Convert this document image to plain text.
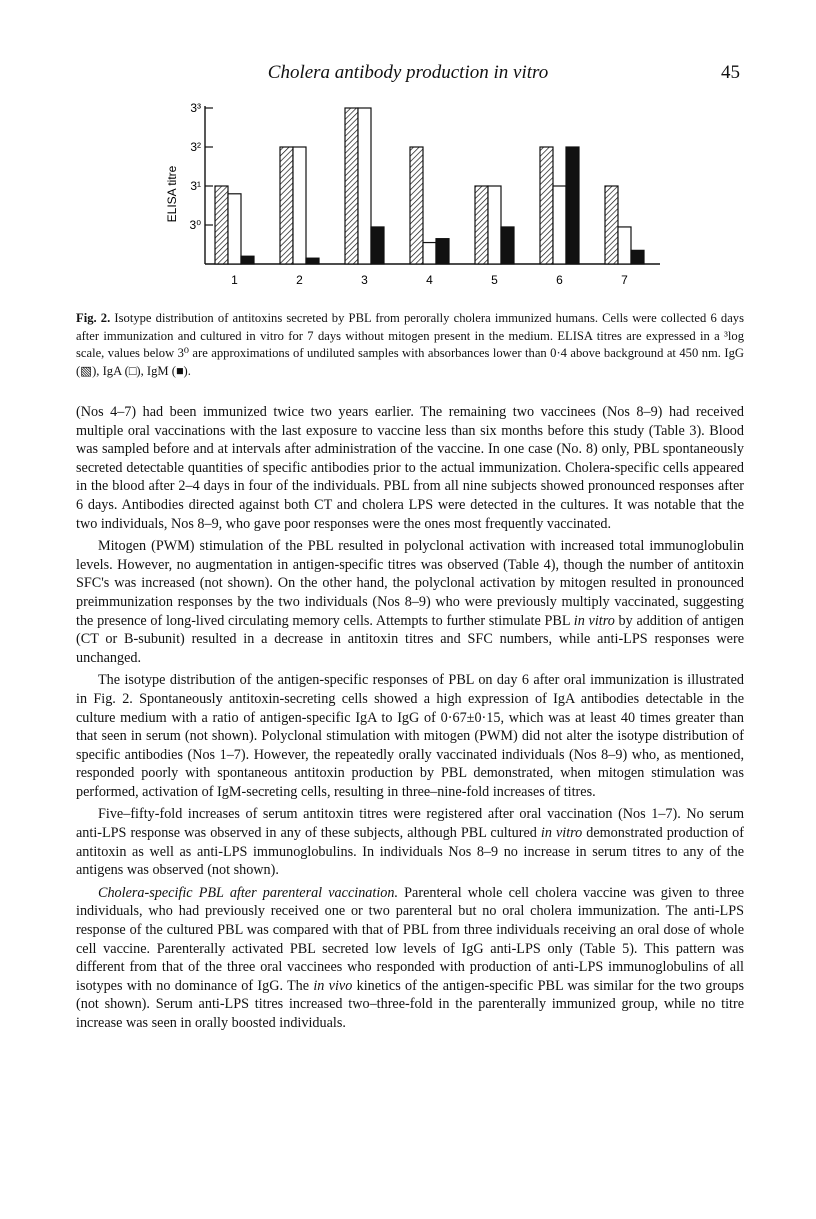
Cholera antibody production in vitro	45
3⁰
3¹
3²
3³
1	2	3	4	5	6	7
ELISA titre
Fig. 2. Isotype distribution of antitoxins secreted by PBL from perorally cholera immunized humans. Cells were collected 6 days after immunization and cultured in vitro for 7 days without mitogen present in the medium. ELISA titres are expressed in a ³log scale, values below 3⁰ are approximations of undiluted samples with absorbances lower than 0·4 above background at 450 nm. IgG (▧), IgA (□), IgM (■).

(Nos 4–7) had been immunized twice two years earlier. The remaining two vaccinees (Nos 8–9) had received multiple oral vaccinations with the last exposure to vaccine less than six months before this study (Table 3). Blood was sampled before and at intervals after administration of the vaccine. In one case (No. 8) only, PBL spontaneously secreted detectable quantities of specific antibodies prior to the actual immunization. Cholera-specific cells appeared in the blood after 2–4 days in four of the individuals. PBL from all nine subjects showed pronounced responses after 6 days. Antibodies directed against both CT and cholera LPS were detected in the cultures. It was notable that the two individuals, Nos 8–9, who gave poor responses were the ones most frequently vaccinated.

Mitogen (PWM) stimulation of the PBL resulted in polyclonal activation with increased total immunoglobulin levels. However, no augmentation in antigen-specific titres was observed (Table 4), though the number of antitoxin SFC's was increased (not shown). On the other hand, the polyclonal activation by mitogen resulted in pronounced preimmunization responses by the two individuals (Nos 8–9) who were previously multiply vaccinated, suggesting the presence of long-lived circulating memory cells. Attempts to further stimulate PBL in vitro by addition of antigen (CT or B-subunit) resulted in a decrease in antitoxin titres and SFC numbers, while anti-LPS responses were unchanged.

The isotype distribution of the antigen-specific responses of PBL on day 6 after oral immunization is illustrated in Fig. 2. Spontaneously antitoxin-secreting cells showed a high expression of IgA antibodies detectable in the culture medium with a ratio of antigen-specific IgA to IgG of 0·67±0·15, which was at least 40 times greater than that seen in serum (not shown). Polyclonal stimulation with mitogen (PWM) did not alter the isotype distribution of specific antibodies (Nos 1–7). However, the repeatedly orally vaccinated individuals (Nos 8–9) who, as mentioned, responded poorly with spontaneous antitoxin production by PBL demonstrated, when mitogen stimulation was performed, activation of IgM-secreting cells, resulting in three–nine-fold increases of titres.

Five–fifty-fold increases of serum antitoxin titres were registered after oral vaccination (Nos 1–7). No serum anti-LPS response was observed in any of these subjects, although PBL cultured in vitro demonstrated production of antitoxin as well as anti-LPS immunoglobulins. In individuals Nos 8–9 no increase in serum titres to any of the antigens was observed (not shown).

Cholera-specific PBL after parenteral vaccination. Parenteral whole cell cholera vaccine was given to three individuals, who had previously received one or two parenteral but no oral cholera immunization. The anti-LPS response of the cultured PBL was compared with that of PBL from three individuals receiving an oral dose of whole cell vaccine. Parenterally activated PBL secreted low levels of IgG anti-LPS only (Table 5). This pattern was different from that of the three oral vaccinees who responded with production of anti-LPS immunoglobulins of all isotypes with no dominance of IgG. The in vivo kinetics of the antigen-specific PBL was similar for the two groups (not shown). Serum anti-LPS titres increased two–three-fold in the parenterally immunized group, while no titre increase was seen in orally boosted individuals.
